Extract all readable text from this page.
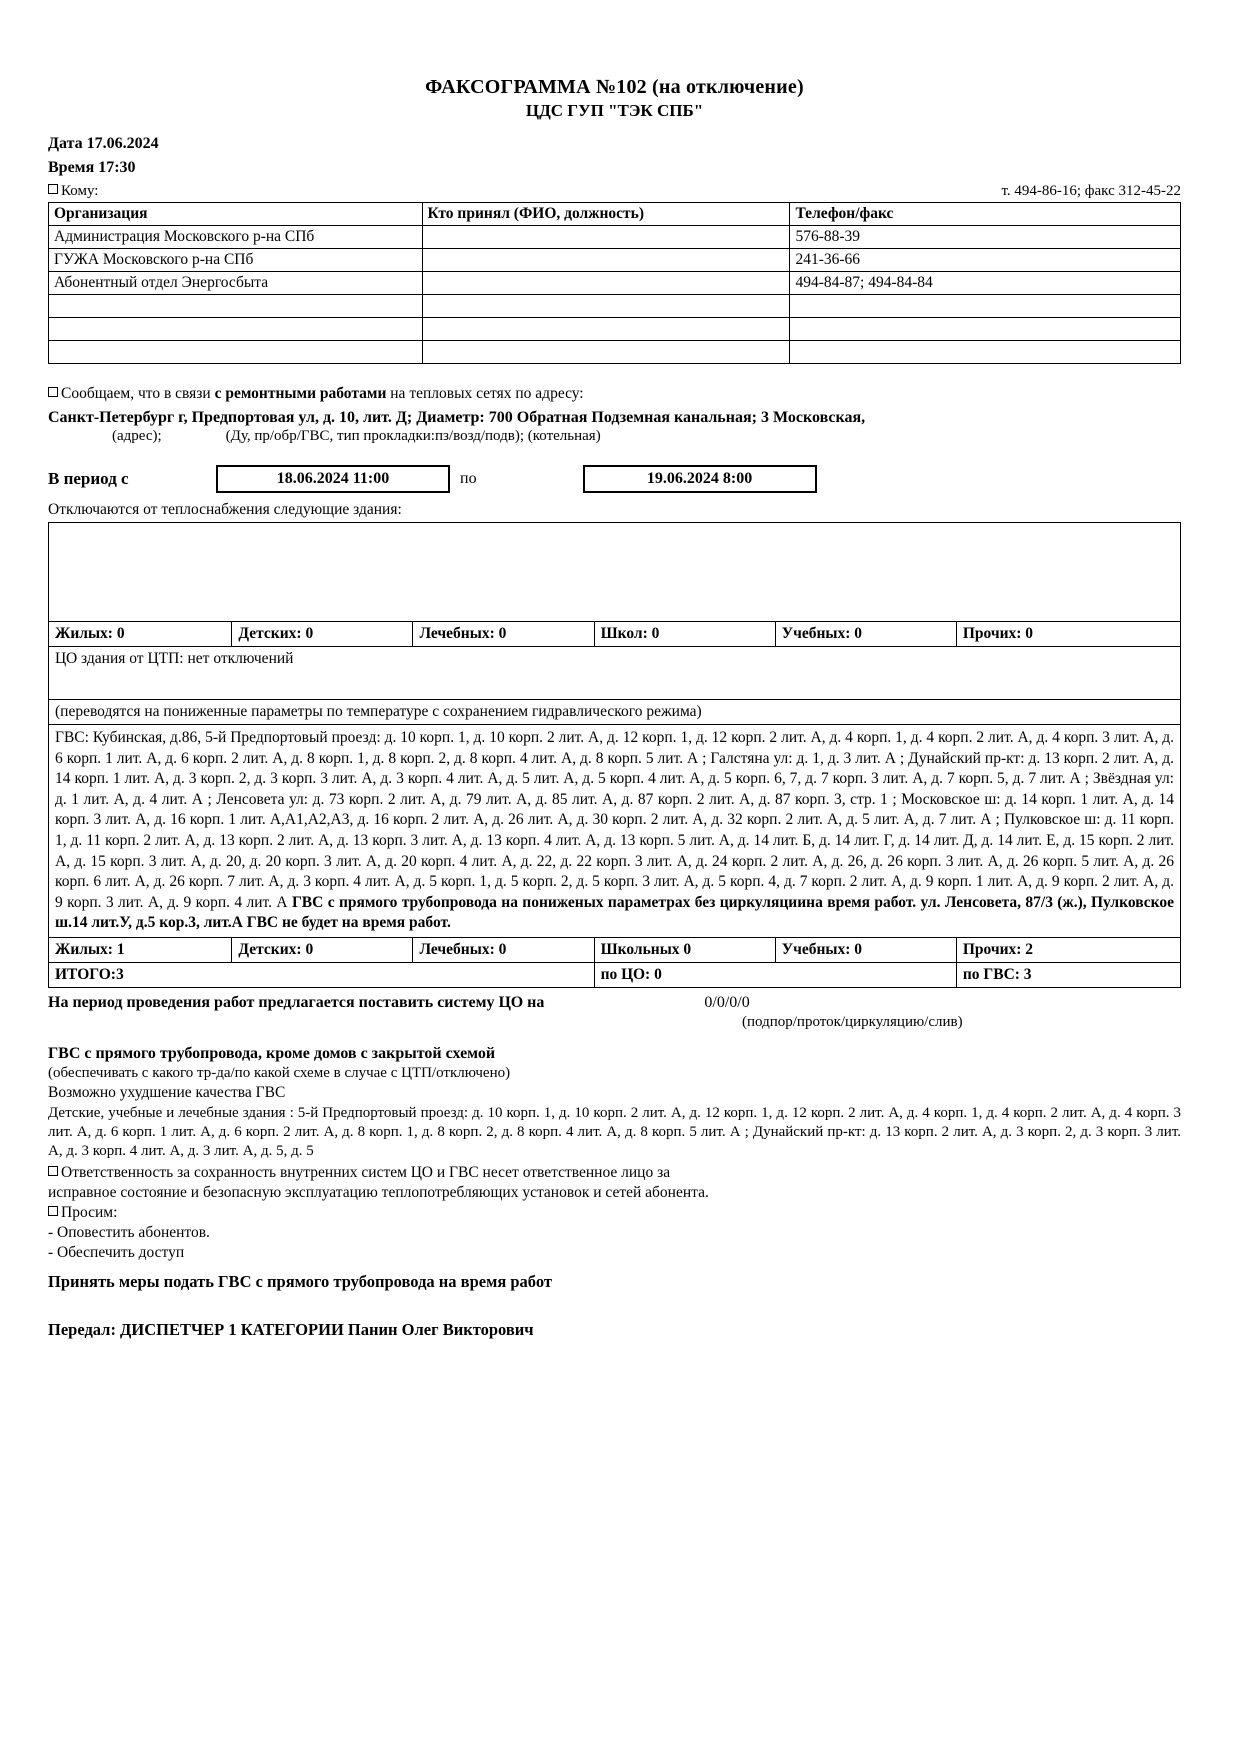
ФАКСОГРАММА №102 (на отключение)
ЦДС ГУП "ТЭК СПБ"
Дата 17.06.2024
Время 17:30
Кому:	т. 494-86-16; факс 312-45-22
Организация	Кто принял (ФИО, должность)	Телефон/факс
Администрация Московского р-на СПб		576-88-39
ГУЖА Московского р-на СПб		241-36-66
Абонентный отдел Энергосбыта		494-84-87; 494-84-84

Сообщаем, что в связи с ремонтными работами на тепловых сетях по адресу:
Санкт-Петербург г, Предпортовая ул, д. 10, лит. Д; Диаметр: 700 Обратная Подземная канальная; 3 Московская,
(адрес);	(Ду, пр/обр/ГВС, тип прокладки:пз/возд/подв); (котельная)
В период с	18.06.2024 11:00	по	19.06.2024 8:00
Отключаются от теплоснабжения следующие здания:

Жилых: 0	Детских: 0	Лечебных: 0	Школ: 0	Учебных: 0	Прочих: 0
ЦО здания от ЦТП: нет отключений					
(переводятся на пониженные параметры по температуре с сохранением гидравлического режима)					
ГВС: Кубинская, д.86, 5-й Предпортовый проезд: д. 10 корп. 1, д. 10 корп. 2 лит. А, д. 12 корп. 1, д. 12 корп. 2 лит. А, д. 4 корп. 1, д. 4 корп. 2 лит. А, д. 4 корп. 3 лит. А, д. 6 корп. 1 лит. А, д. 6 корп. 2 лит. А, д. 8 корп. 1, д. 8 корп. 2, д. 8 корп. 4 лит. А, д. 8 корп. 5 лит. А ; Галстяна ул: д. 1, д. 3 лит. А ; Дунайский пр-кт: д. 13 корп. 2 лит. А, д. 14 корп. 1 лит. А, д. 3 корп. 2, д. 3 корп. 3 лит. А, д. 3 корп. 4 лит. А, д. 5 лит. А, д. 5 корп. 4 лит. А, д. 5 корп. 6, 7, д. 7 корп. 3 лит. А, д. 7 корп. 5, д. 7 лит. А ; Звёздная ул: д. 1 лит. А, д. 4 лит. А ; Ленсовета ул: д. 73 корп. 2 лит. А, д. 79 лит. А, д. 85 лит. А, д. 87 корп. 2 лит. А, д. 87 корп. 3, стр. 1 ; Московское ш: д. 14 корп. 1 лит. А, д. 14 корп. 3 лит. А, д. 16 корп. 1 лит. А,А1,А2,А3, д. 16 корп. 2 лит. А, д. 26 лит. А, д. 30 корп. 2 лит. А, д. 32 корп. 2 лит. А, д. 5 лит. А, д. 7 лит. А ; Пулковское ш: д. 11 корп. 1, д. 11 корп. 2 лит. А, д. 13 корп. 2 лит. А, д. 13 корп. 3 лит. А, д. 13 корп. 4 лит. А, д. 13 корп. 5 лит. А, д. 14 лит. Б, д. 14 лит. Г, д. 14 лит. Д, д. 14 лит. Е, д. 15 корп. 2 лит. А, д. 15 корп. 3 лит. А, д. 20, д. 20 корп. 3 лит. А, д. 20 корп. 4 лит. А, д. 22, д. 22 корп. 3 лит. А, д. 24 корп. 2 лит. А, д. 26, д. 26 корп. 3 лит. А, д. 26 корп. 5 лит. А, д. 26 корп. 6 лит. А, д. 26 корп. 7 лит. А, д. 3 корп. 4 лит. А, д. 5 корп. 1, д. 5 корп. 2, д. 5 корп. 3 лит. А, д. 5 корп. 4, д. 7 корп. 2 лит. А, д. 9 корп. 1 лит. А, д. 9 корп. 2 лит. А, д. 9 корп. 3 лит. А, д. 9 корп. 4 лит. А ГВС с прямого трубопровода на пониженых параметрах без циркуляциина время работ. ул. Ленсовета, 87/3 (ж.), Пулковское ш.14 лит.У, д.5 кор.3, лит.А ГВС не будет на время работ.					
Жилых: 1	Детских: 0	Лечебных: 0	Школьных 0	Учебных: 0	Прочих: 2
ИТОГО:3			по ЦО: 0		по ГВС: 3
На период проведения работ предлагается поставить систему ЦО на	0/0/0/0
(подпор/проток/циркуляцию/слив)
ГВС с прямого трубопровода, кроме домов с закрытой схемой
(обеспечивать с какого тр-да/по какой схеме в случае с ЦТП/отключено)
Возможно ухудшение качества ГВС
Детские, учебные и лечебные здания : 5-й Предпортовый проезд: д. 10 корп. 1, д. 10 корп. 2 лит. А, д. 12 корп. 1, д. 12 корп. 2 лит. А, д. 4 корп. 1, д. 4 корп. 2 лит. А, д. 4 корп. 3 лит. А, д. 6 корп. 1 лит. А, д. 6 корп. 2 лит. А, д. 8 корп. 1, д. 8 корп. 2, д. 8 корп. 4 лит. А, д. 8 корп. 5 лит. А ; Дунайский пр-кт: д. 13 корп. 2 лит. А, д. 3 корп. 2, д. 3 корп. 3 лит. А, д. 3 корп. 4 лит. А, д. 3 лит. А, д. 5, д. 5
Ответственность за сохранность внутренних систем ЦО и ГВС несет ответственное лицо за
исправное состояние и безопасную эксплуатацию теплопотребляющих установок и сетей абонента.
Просим:
- Оповестить абонентов.
- Обеспечить доступ
Принять меры подать ГВС с прямого трубопровода на время работ
Передал: ДИСПЕТЧЕР 1 КАТЕГОРИИ Панин Олег Викторович
